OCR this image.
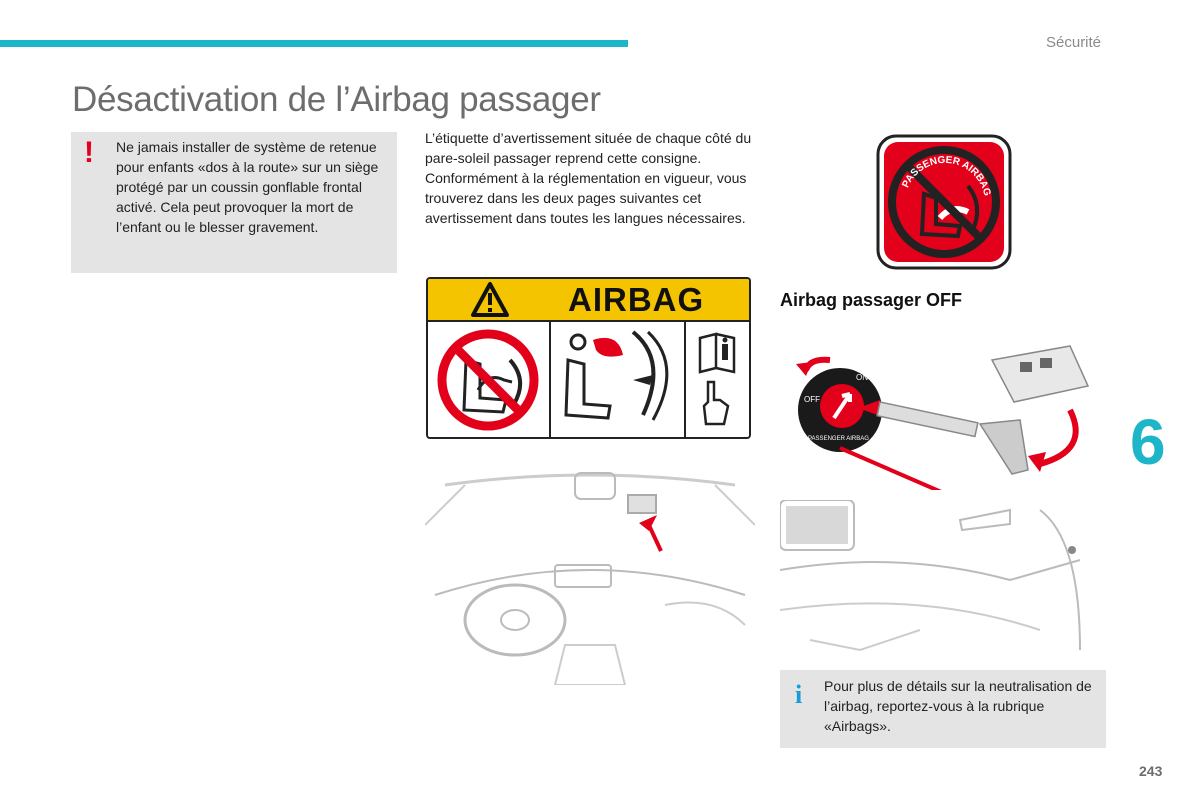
Sécurité
Désactivation de l’Airbag passager
! Ne jamais installer de système de retenue pour enfants «dos à la route» sur un siège protégé par un coussin gonflable frontal activé. Cela peut provoquer la mort de l’enfant ou le blesser gravement.
L’étiquette d’avertissement située de chaque côté du pare-soleil passager reprend cette consigne. Conformément à la réglementation en vigueur, vous trouverez dans les deux pages suivantes cet avertissement dans toutes les langues nécessaires.
AIRBAG
PASSENGER AIRBAG
Airbag passager OFF
OFF
ON
PASSENGER AIRBAG
i Pour plus de détails sur la neutralisation de l’airbag, reportez-vous à la rubrique «Airbags».
6
243
